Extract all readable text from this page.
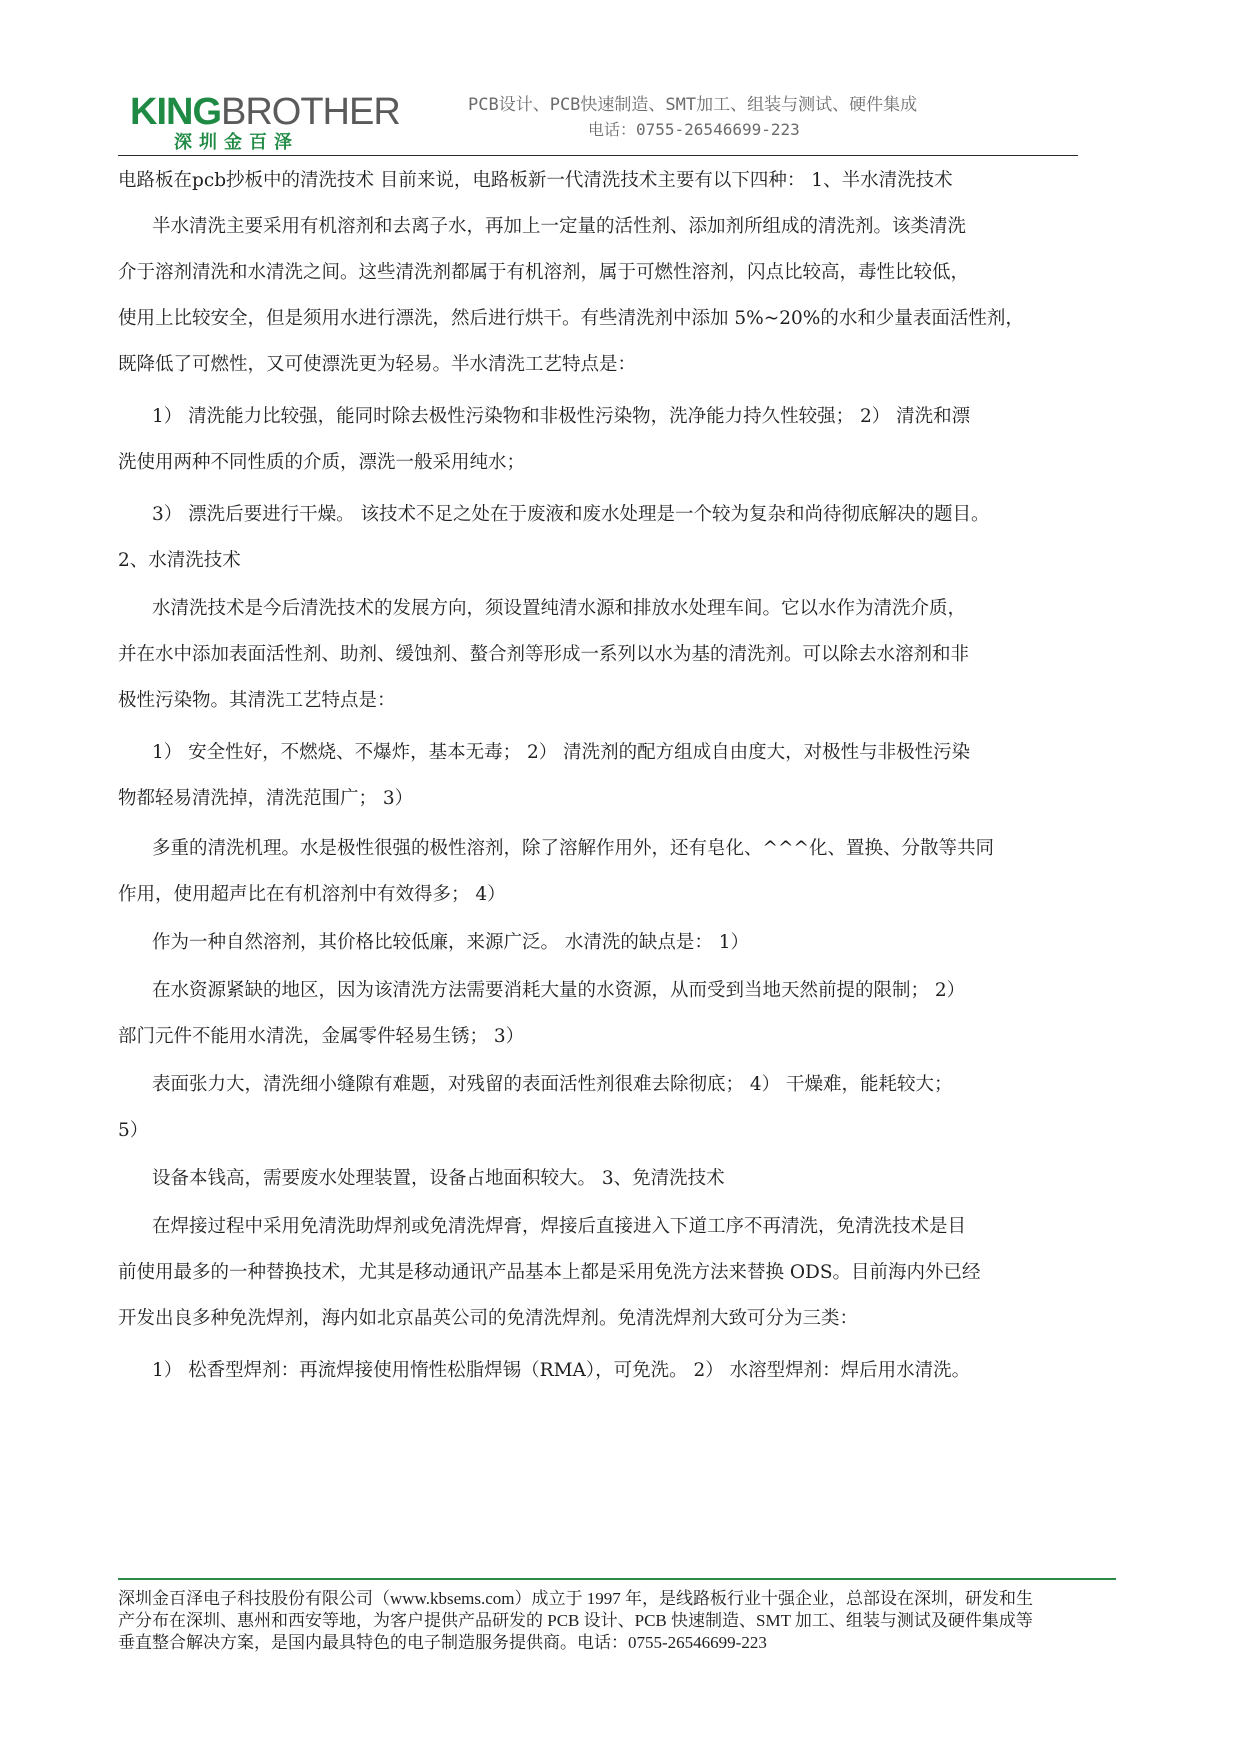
KINGBROTHER
深圳金百泽
PCB设计、PCB快速制造、SMT加工、组装与测试、硬件集成
电话：0755-26546699-223
电路板在pcb抄板中的清洗技术 目前来说，电路板新一代清洗技术主要有以下四种： 1、半水清洗技术
半水清洗主要采用有机溶剂和去离子水，再加上一定量的活性剂、添加剂所组成的清洗剂。该类清洗
介于溶剂清洗和水清洗之间。这些清洗剂都属于有机溶剂，属于可燃性溶剂，闪点比较高，毒性比较低，
使用上比较安全，但是须用水进行漂洗，然后进行烘干。有些清洗剂中添加 5%~20%的水和少量表面活性剂，
既降低了可燃性，又可使漂洗更为轻易。半水清洗工艺特点是：
1） 清洗能力比较强，能同时除去极性污染物和非极性污染物，洗净能力持久性较强； 2） 清洗和漂
洗使用两种不同性质的介质，漂洗一般采用纯水；
3） 漂洗后要进行干燥。 该技术不足之处在于废液和废水处理是一个较为复杂和尚待彻底解决的题目。
2、水清洗技术
水清洗技术是今后清洗技术的发展方向，须设置纯清水源和排放水处理车间。它以水作为清洗介质，
并在水中添加表面活性剂、助剂、缓蚀剂、螯合剂等形成一系列以水为基的清洗剂。可以除去水溶剂和非
极性污染物。其清洗工艺特点是：
1） 安全性好，不燃烧、不爆炸，基本无毒； 2） 清洗剂的配方组成自由度大，对极性与非极性污染
物都轻易清洗掉，清洗范围广； 3）
多重的清洗机理。水是极性很强的极性溶剂，除了溶解作用外，还有皂化、^^^化、置换、分散等共同
作用，使用超声比在有机溶剂中有效得多； 4）
作为一种自然溶剂，其价格比较低廉，来源广泛。 水清洗的缺点是： 1）
在水资源紧缺的地区，因为该清洗方法需要消耗大量的水资源，从而受到当地天然前提的限制； 2）
部门元件不能用水清洗，金属零件轻易生锈； 3）
表面张力大，清洗细小缝隙有难题，对残留的表面活性剂很难去除彻底； 4） 干燥难，能耗较大；
5）
设备本钱高，需要废水处理装置，设备占地面积较大。 3、免清洗技术
在焊接过程中采用免清洗助焊剂或免清洗焊膏，焊接后直接进入下道工序不再清洗，免清洗技术是目
前使用最多的一种替换技术，尤其是移动通讯产品基本上都是采用免洗方法来替换 ODS。目前海内外已经
开发出良多种免洗焊剂，海内如北京晶英公司的免清洗焊剂。免清洗焊剂大致可分为三类：
1） 松香型焊剂：再流焊接使用惰性松脂焊锡（RMA），可免洗。 2） 水溶型焊剂：焊后用水清洗。
深圳金百泽电子科技股份有限公司（www.kbsems.com）成立于 1997 年，是线路板行业十强企业，总部设在深圳，研发和生
产分布在深圳、惠州和西安等地，为客户提供产品研发的 PCB 设计、PCB 快速制造、SMT 加工、组装与测试及硬件集成等
垂直整合解决方案，是国内最具特色的电子制造服务提供商。电话：0755-26546699-223
